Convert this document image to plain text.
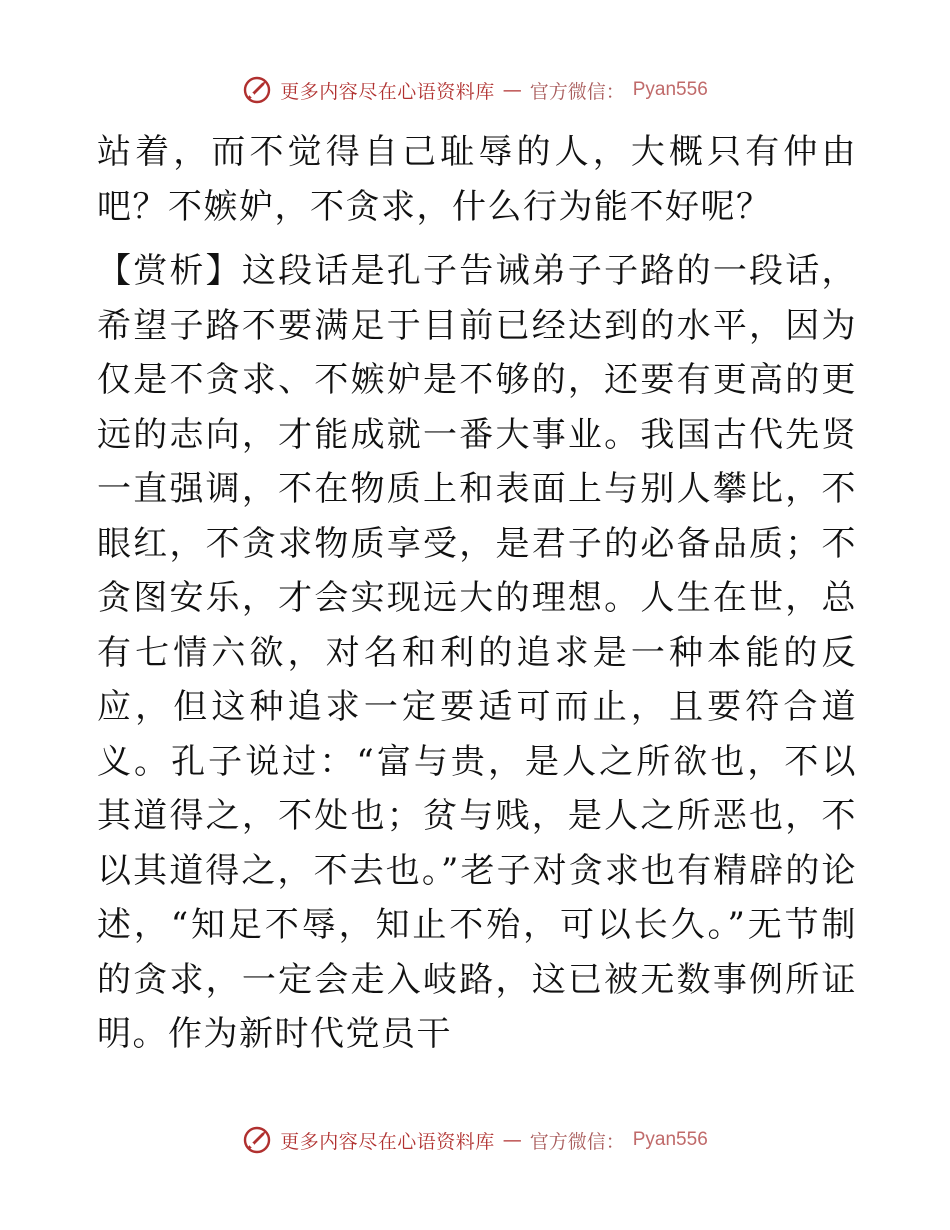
更多内容尽在心语资料库 — 官方微信： Pyan556

站着，而不觉得自己耻辱的人，大概只有仲由吧？不嫉妒，不贪求，什么行为能不好呢？

【赏析】这段话是孔子告诫弟子子路的一段话，希望子路不要满足于目前已经达到的水平，因为仅是不贪求、不嫉妒是不够的，还要有更高的更远的志向，才能成就一番大事业。我国古代先贤一直强调，不在物质上和表面上与别人攀比，不眼红，不贪求物质享受，是君子的必备品质；不贪图安乐，才会实现远大的理想。人生在世，总有七情六欲，对名和利的追求是一种本能的反应，但这种追求一定要适可而止，且要符合道义。孔子说过：“富与贵，是人之所欲也，不以其道得之，不处也；贫与贱，是人之所恶也，不以其道得之，不去也。”老子对贪求也有精辟的论述，“知足不辱，知止不殆，可以长久。”无节制的贪求，一定会走入岐路，这已被无数事例所证明。作为新时代党员干

更多内容尽在心语资料库 — 官方微信： Pyan556
